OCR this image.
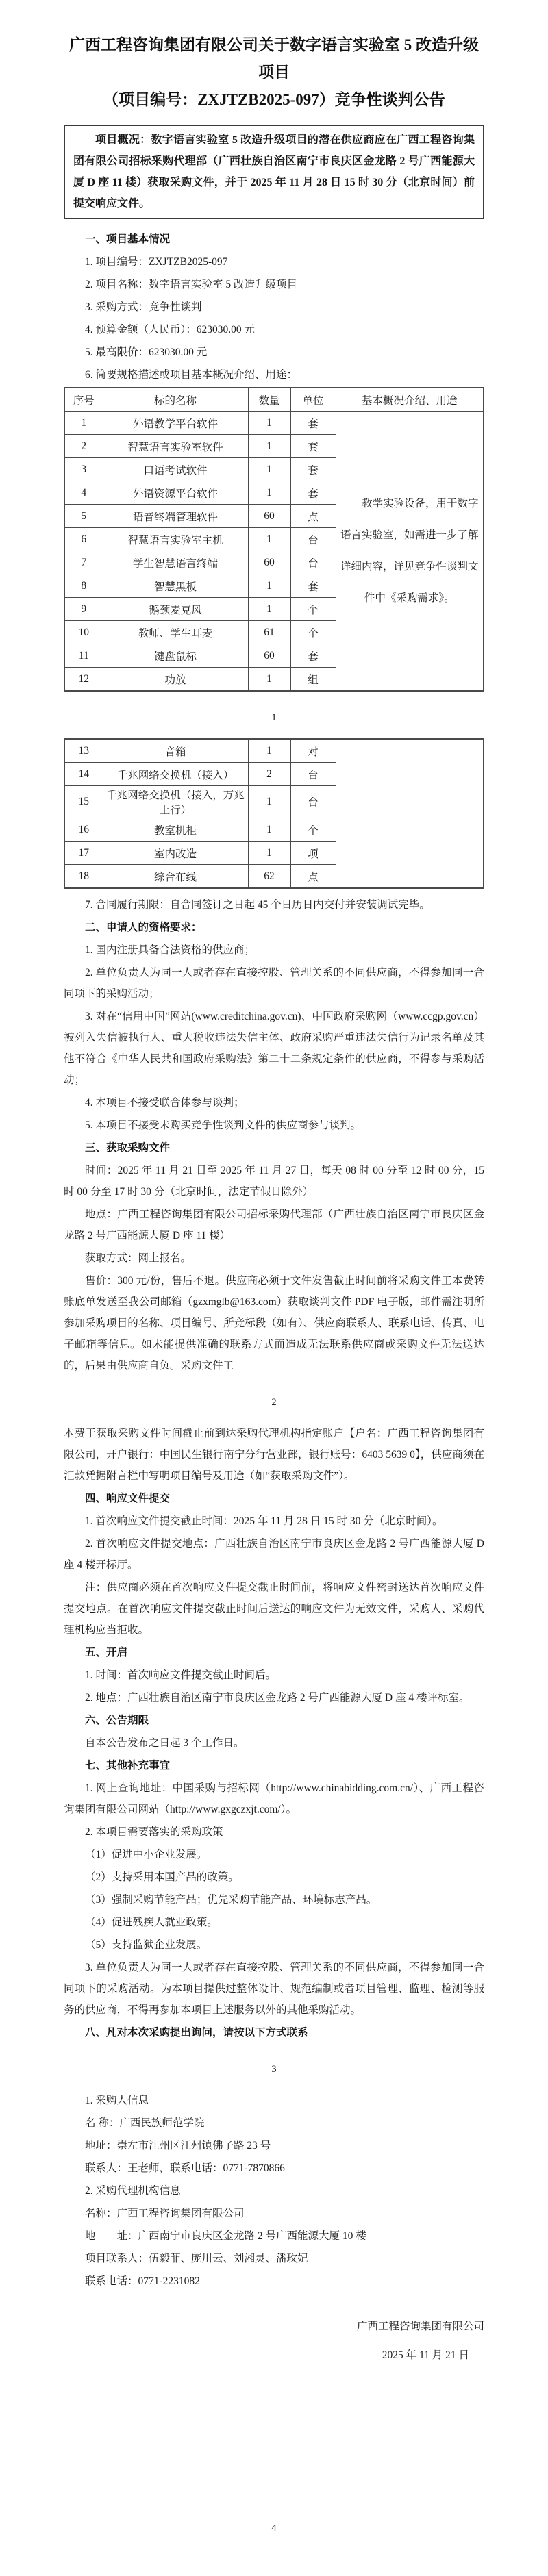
广西工程咨询集团有限公司关于数字语言实验室 5 改造升级项目
（项目编号：ZXJTZB2025-097）竞争性谈判公告

项目概况：数字语言实验室 5 改造升级项目的潜在供应商应在广西工程咨询集团有限公司招标采购代理部（广西壮族自治区南宁市良庆区金龙路 2 号广西能源大厦 D 座 11 楼）获取采购文件，并于 2025 年 11 月 28 日 15 时 30 分（北京时间）前提交响应文件。

一、项目基本情况

1. 项目编号：ZXJTZB2025-097

2. 项目名称：数字语言实验室 5 改造升级项目

3. 采购方式：竞争性谈判

4. 预算金额（人民币）：623030.00 元

5. 最高限价：623030.00 元

6. 简要规格描述或项目基本概况介绍、用途：

序号	标的名称	数量	单位	基本概况介绍、用途
1	外语教学平台软件	1	套	教学实验设备，用于数字语言实验室，如需进一步了解详细内容，详见竞争性谈判文件中《采购需求》。
2	智慧语言实验室软件	1	套	
3	口语考试软件	1	套	
4	外语资源平台软件	1	套	
5	语音终端管理软件	60	点	
6	智慧语言实验室主机	1	台	
7	学生智慧语言终端	60	台	
8	智慧黑板	1	套	
9	鹅颈麦克风	1	个	
10	教师、学生耳麦	61	个	
11	键盘鼠标	60	套	
12	功放	1	组	
1
13	音箱	1	对	
14	千兆网络交换机（接入）	2	台	
15	千兆网络交换机（接入，万兆上行）	1	台	
16	教室机柜	1	个	
17	室内改造	1	项	
18	综合布线	62	点	

7. 合同履行期限：自合同签订之日起 45 个日历日内交付并安装调试完毕。

二、申请人的资格要求：

1. 国内注册具备合法资格的供应商；

2. 单位负责人为同一人或者存在直接控股、管理关系的不同供应商，不得参加同一合同项下的采购活动；

3. 对在“信用中国”网站(www.creditchina.gov.cn)、中国政府采购网（www.ccgp.gov.cn）被列入失信被执行人、重大税收违法失信主体、政府采购严重违法失信行为记录名单及其他不符合《中华人民共和国政府采购法》第二十二条规定条件的供应商，不得参与采购活动；

4. 本项目不接受联合体参与谈判；

5. 本项目不接受未购买竞争性谈判文件的供应商参与谈判。

三、获取采购文件

时间：2025 年 11 月 21 日至 2025 年 11 月 27 日，每天 08 时 00 分至 12 时 00 分，15 时 00 分至 17 时 30 分（北京时间，法定节假日除外）

地点：广西工程咨询集团有限公司招标采购代理部（广西壮族自治区南宁市良庆区金龙路 2 号广西能源大厦 D 座 11 楼）

获取方式：网上报名。

售价：300 元/份，售后不退。供应商必须于文件发售截止时间前将采购文件工本费转账底单发送至我公司邮箱（gzxmglb@163.com）获取谈判文件 PDF 电子版，邮件需注明所参加采购项目的名称、项目编号、所竞标段（如有）、供应商联系人、联系电话、传真、电子邮箱等信息。如未能提供准确的联系方式而造成无法联系供应商或采购文件无法送达的，后果由供应商自负。采购文件工

2

本费于获取采购文件时间截止前到达采购代理机构指定账户【户名：广西工程咨询集团有限公司，开户银行：中国民生银行南宁分行营业部，银行账号：6403 5639 0】，供应商须在汇款凭据附言栏中写明项目编号及用途（如“获取采购文件”）。

四、响应文件提交

1. 首次响应文件提交截止时间：2025 年 11 月 28 日 15 时 30 分（北京时间）。

2. 首次响应文件提交地点：广西壮族自治区南宁市良庆区金龙路 2 号广西能源大厦 D 座 4 楼开标厅。

注：供应商必须在首次响应文件提交截止时间前，将响应文件密封送达首次响应文件提交地点。在首次响应文件提交截止时间后送达的响应文件为无效文件，采购人、采购代理机构应当拒收。

五、开启

1. 时间：首次响应文件提交截止时间后。

2. 地点：广西壮族自治区南宁市良庆区金龙路 2 号广西能源大厦 D 座 4 楼评标室。

六、公告期限

自本公告发布之日起 3 个工作日。

七、其他补充事宜

1. 网上查询地址：中国采购与招标网（http://www.chinabidding.com.cn/）、广西工程咨询集团有限公司网站（http://www.gxgczxjt.com/）。

2. 本项目需要落实的采购政策

（1）促进中小企业发展。

（2）支持采用本国产品的政策。

（3）强制采购节能产品；优先采购节能产品、环境标志产品。

（4）促进残疾人就业政策。

（5）支持监狱企业发展。

3. 单位负责人为同一人或者存在直接控股、管理关系的不同供应商，不得参加同一合同项下的采购活动。为本项目提供过整体设计、规范编制或者项目管理、监理、检测等服务的供应商，不得再参加本项目上述服务以外的其他采购活动。

八、凡对本次采购提出询问，请按以下方式联系

3

1. 采购人信息

名 称：广西民族师范学院

地址：崇左市江州区江州镇佛子路 23 号

联系人：王老师，联系电话：0771-7870866

2. 采购代理机构信息

名称：广西工程咨询集团有限公司

地　　址：广西南宁市良庆区金龙路 2 号广西能源大厦 10 楼

项目联系人：伍毅菲、庞川云、刘湘灵、潘玫妃

联系电话：0771-2231082

广西工程咨询集团有限公司
2025 年 11 月 21 日
4
